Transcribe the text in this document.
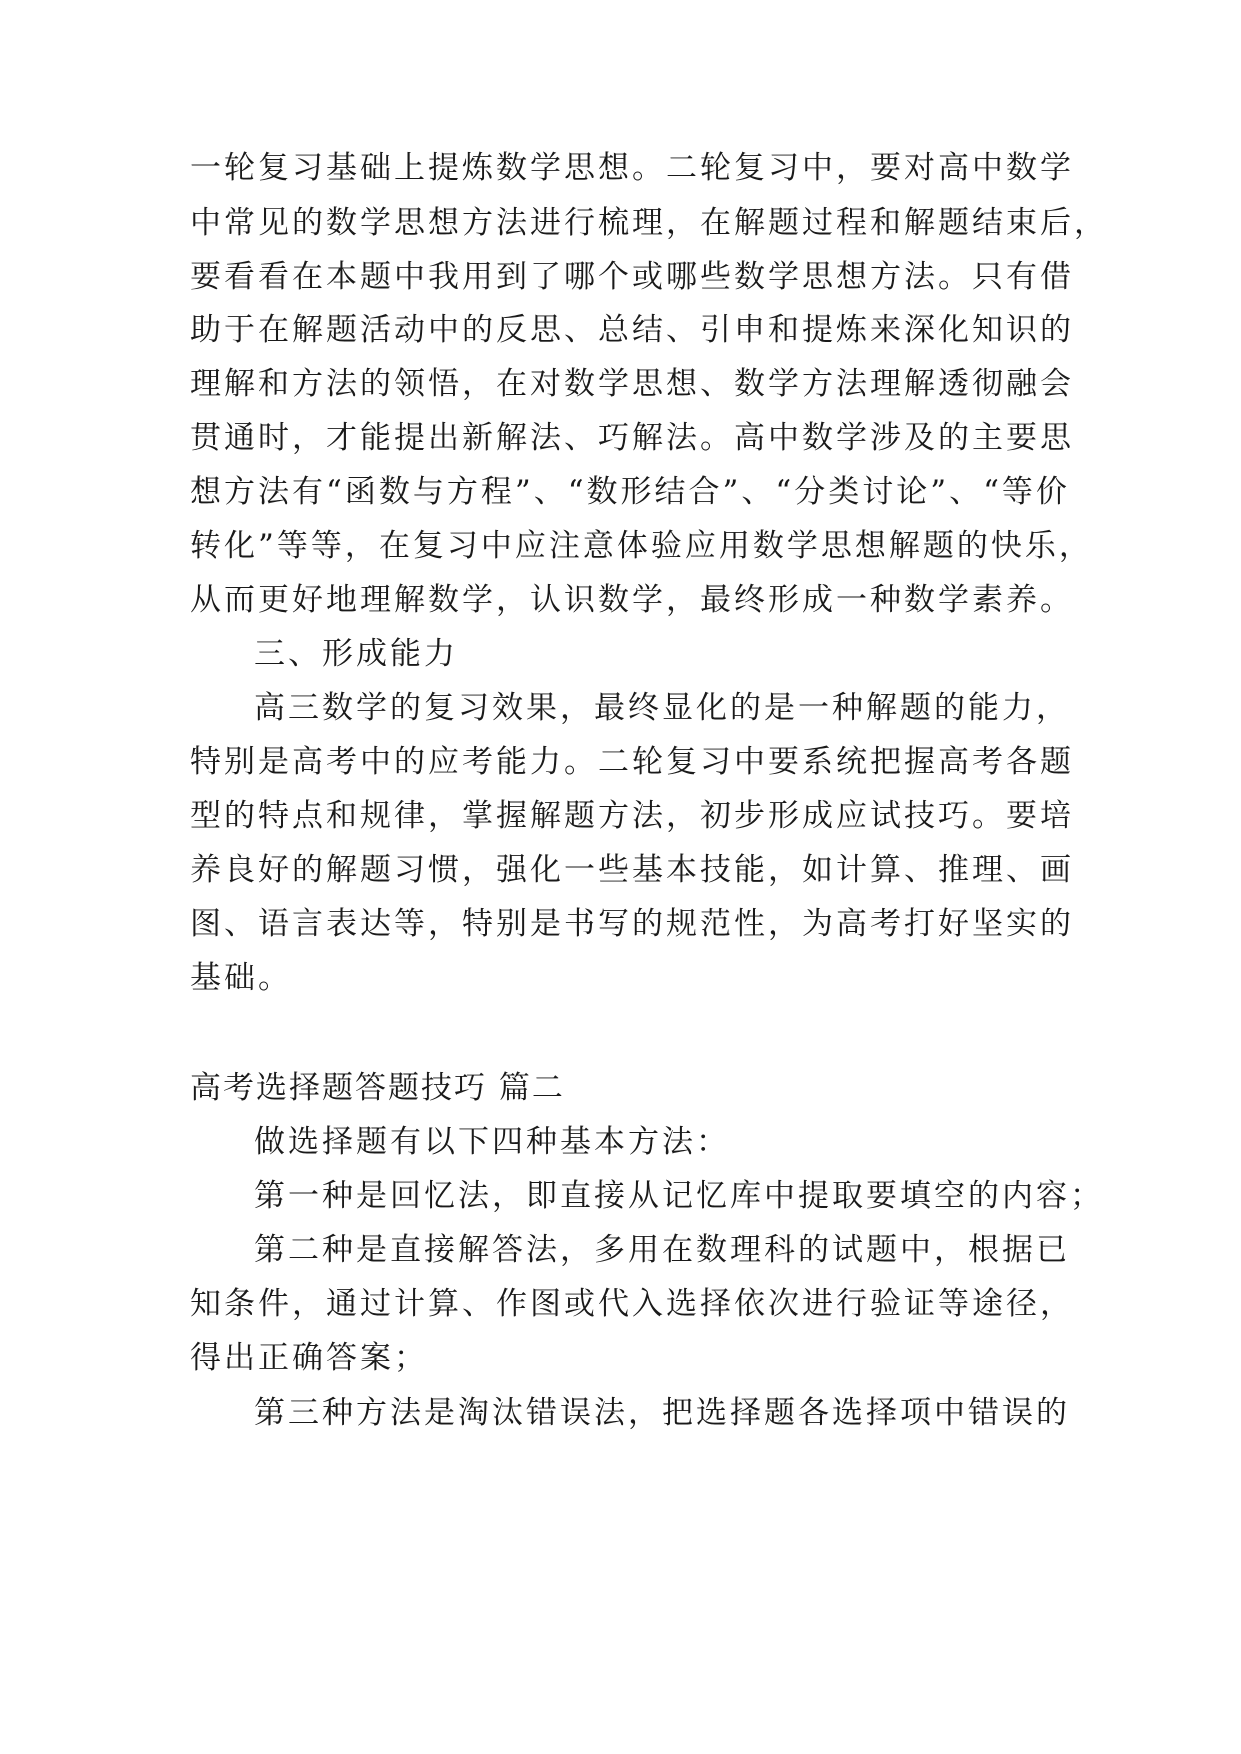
一轮复习基础上提炼数学思想。二轮复习中，要对高中数学

中常见的数学思想方法进行梳理，在解题过程和解题结束后，

要看看在本题中我用到了哪个或哪些数学思想方法。只有借

助于在解题活动中的反思、总结、引申和提炼来深化知识的

理解和方法的领悟，在对数学思想、数学方法理解透彻融会

贯通时，才能提出新解法、巧解法。高中数学涉及的主要思

想方法有“函数与方程”、“数形结合”、“分类讨论”、“等价

转化”等等，在复习中应注意体验应用数学思想解题的快乐，

从而更好地理解数学，认识数学，最终形成一种数学素养。

三、形成能力

高三数学的复习效果，最终显化的是一种解题的能力，

特别是高考中的应考能力。二轮复习中要系统把握高考各题

型的特点和规律，掌握解题方法，初步形成应试技巧。要培

养良好的解题习惯，强化一些基本技能，如计算、推理、画

图、语言表达等，特别是书写的规范性，为高考打好坚实的

基础。

高考选择题答题技巧 篇二

做选择题有以下四种基本方法：

第一种是回忆法，即直接从记忆库中提取要填空的内容；

第二种是直接解答法，多用在数理科的试题中，根据已

知条件，通过计算、作图或代入选择依次进行验证等途径，

得出正确答案；

第三种方法是淘汰错误法，把选择题各选择项中错误的
